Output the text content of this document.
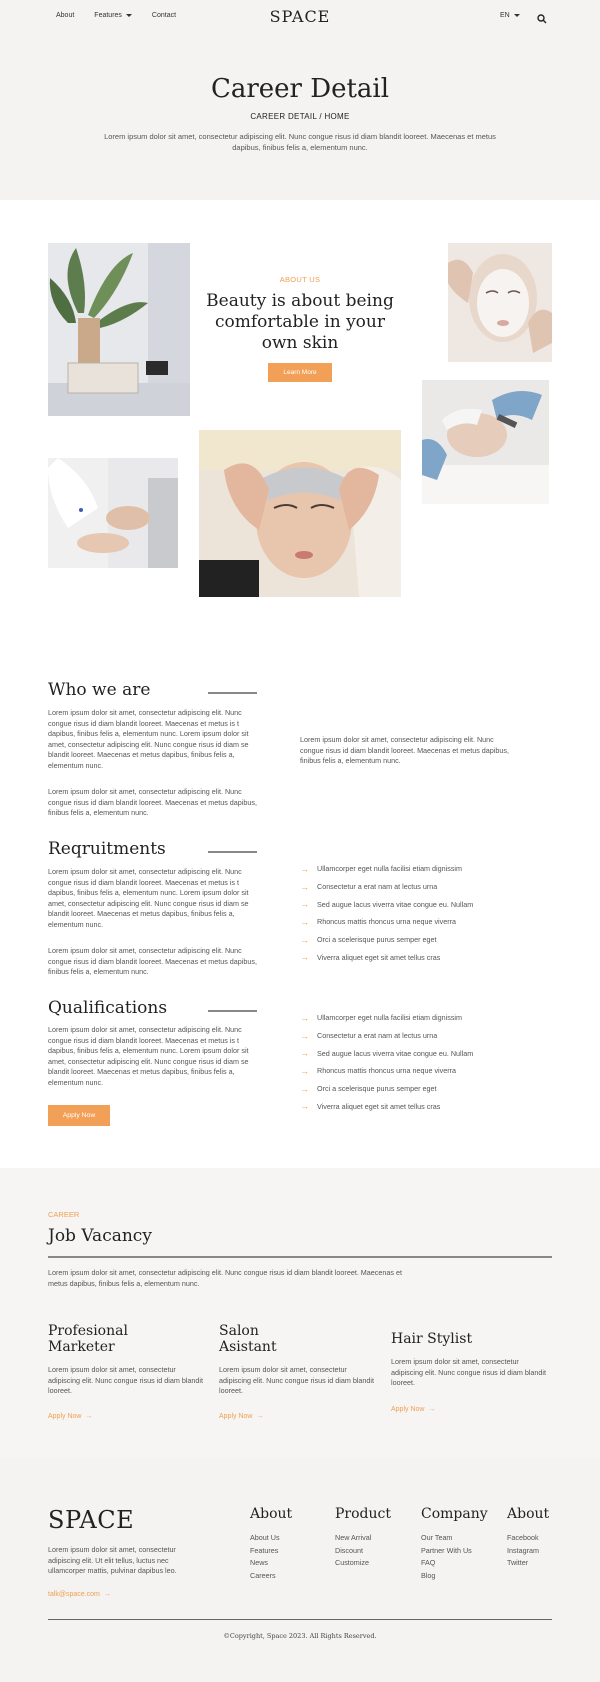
About	Features	Contact	SPACE	EN
Career Detail
CAREER DETAIL / HOME
Lorem ipsum dolor sit amet, consectetur adipiscing elit. Nunc congue risus id diam blandit looreet. Maecenas et metus dapibus, finibus felis a, elementum nunc.
ABOUT US
Beauty is about being comfortable in your own skin
Learn More
Who we are
Lorem ipsum dolor sit amet, consectetur adipiscing elit. Nunc congue risus id diam blandit looreet. Maecenas et metus is t dapibus, finibus felis a, elementum nunc. Lorem ipsum dolor sit amet, consectetur adipiscing elit. Nunc congue risus id diam se blandit looreet. Maecenas et metus dapibus, finibus felis a, elementum nunc.
Lorem ipsum dolor sit amet, consectetur adipiscing elit. Nunc congue risus id diam blandit looreet. Maecenas et metus dapibus, finibus felis a, elementum nunc.
Lorem ipsum dolor sit amet, consectetur adipiscing elit. Nunc congue risus id diam blandit looreet. Maecenas et metus dapibus, finibus felis a, elementum nunc.
Reqruitments
Lorem ipsum dolor sit amet, consectetur adipiscing elit. Nunc congue risus id diam blandit looreet. Maecenas et metus is t dapibus, finibus felis a, elementum nunc. Lorem ipsum dolor sit amet, consectetur adipiscing elit. Nunc congue risus id diam se blandit looreet. Maecenas et metus dapibus, finibus felis a, elementum nunc.
Lorem ipsum dolor sit amet, consectetur adipiscing elit. Nunc congue risus id diam blandit looreet. Maecenas et metus dapibus, finibus felis a, elementum nunc.
→ Ullamcorper eget nulla facilisi etiam dignissim
→ Consectetur a erat nam at lectus urna
→ Sed augue lacus viverra vitae congue eu. Nullam
→ Rhoncus mattis rhoncus urna neque viverra
→ Orci a scelerisque purus semper eget
→ Viverra aliquet eget sit amet tellus cras
Qualifications
Lorem ipsum dolor sit amet, consectetur adipiscing elit. Nunc congue risus id diam blandit looreet. Maecenas et metus is t dapibus, finibus felis a, elementum nunc. Lorem ipsum dolor sit amet, consectetur adipiscing elit. Nunc congue risus id diam se blandit looreet. Maecenas et metus dapibus, finibus felis a, elementum nunc.
Apply Now
→ Ullamcorper eget nulla facilisi etiam dignissim
→ Consectetur a erat nam at lectus urna
→ Sed augue lacus viverra vitae congue eu. Nullam
→ Rhoncus mattis rhoncus urna neque viverra
→ Orci a scelerisque purus semper eget
→ Viverra aliquet eget sit amet tellus cras
CAREER
Job Vacancy
Lorem ipsum dolor sit amet, consectetur adipiscing elit. Nunc congue risus id diam blandit looreet. Maecenas et metus dapibus, finibus felis a, elementum nunc.
Profesional
Marketer
Lorem ipsum dolor sit amet, consectetur adipiscing elit. Nunc congue risus id diam blandit looreet.
Apply Now  →
Salon
Asistant
Lorem ipsum dolor sit amet, consectetur adipiscing elit. Nunc congue risus id diam blandit looreet.
Apply Now  →
Hair Stylist
Lorem ipsum dolor sit amet, consectetur adipiscing elit. Nunc congue risus id diam blandit looreet.
Apply Now  →
SPACE
Lorem ipsum dolor sit amet, consectetur adipiscing elit. Ut elit tellus, luctus nec ullamcorper mattis, pulvinar dapibus leo.
talk@space.com  →
About
About Us
Features
News
Careers
Product
New Arrival
Discount
Customize
Company
Our Team
Partner With Us
FAQ
Blog
About
Facebook
Instagram
Twitter
©Copyright, Space 2023. All Rights Reserved.
